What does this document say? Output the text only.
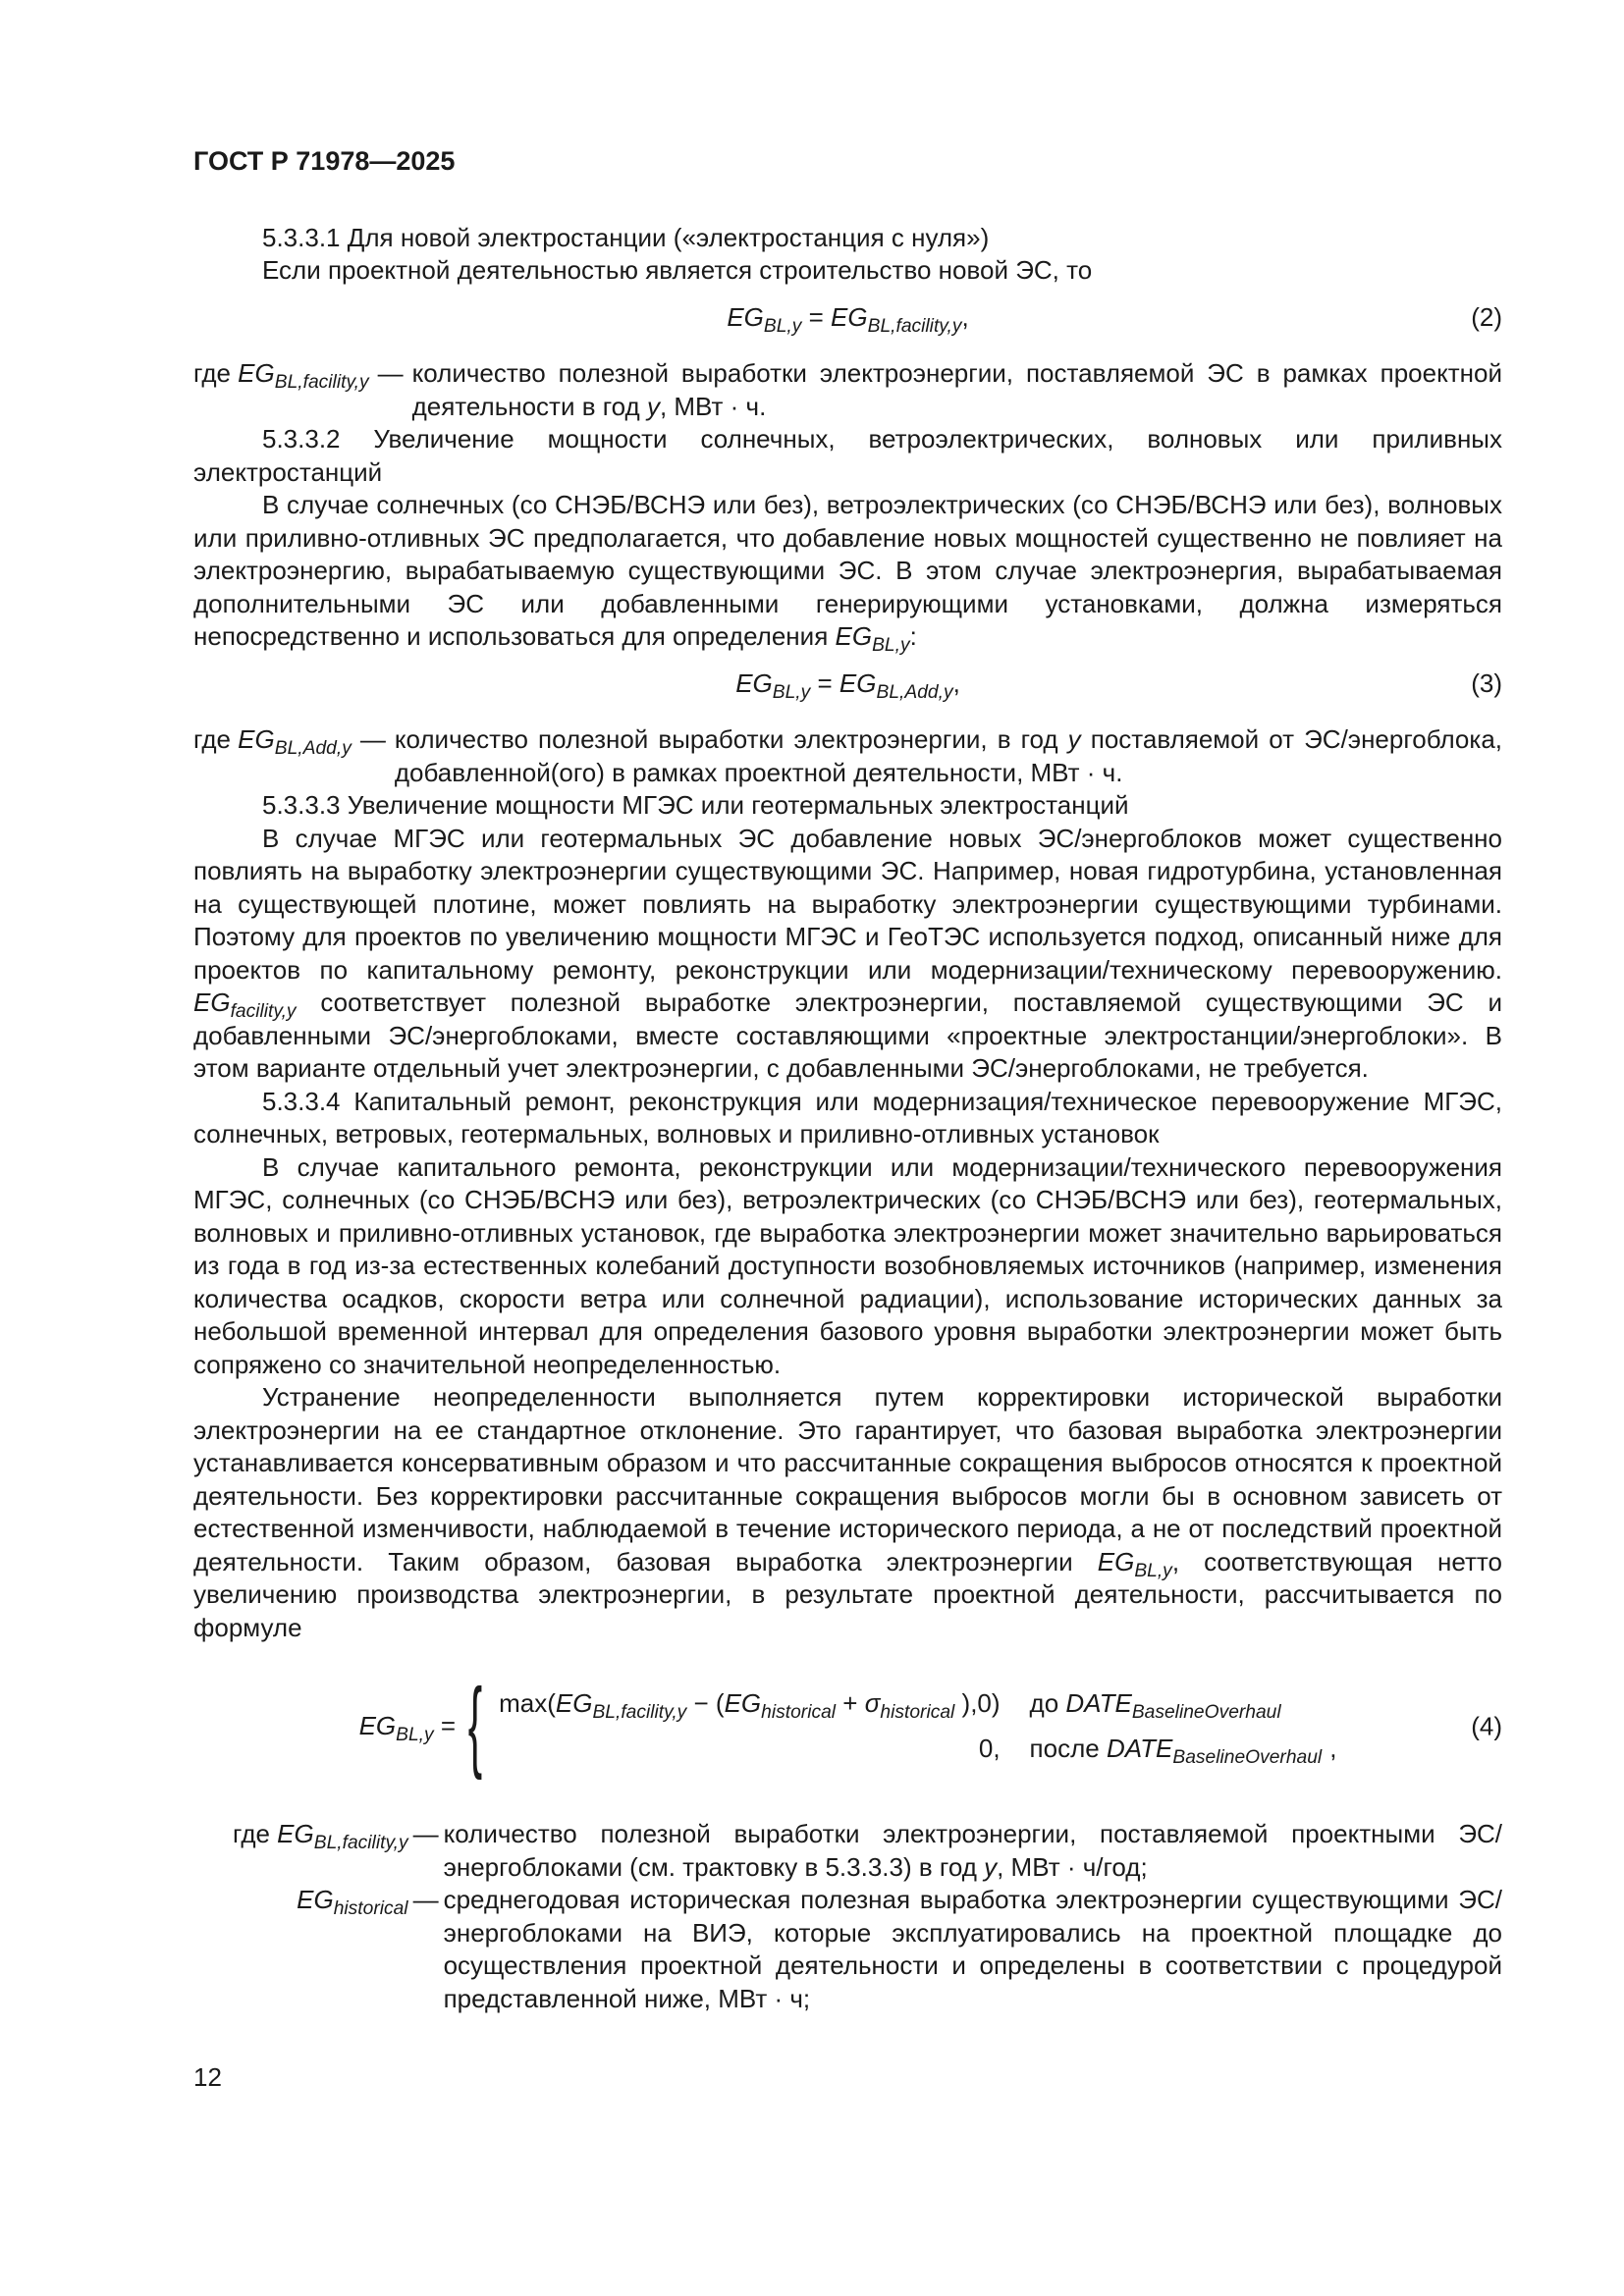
ГОСТ Р 71978—2025

5.3.3.1 Для новой электростанции («электростанция с нуля»)

Если проектной деятельностью является строительство новой ЭС, то

$EG_{BL,y} = EG_{BL,facility,y}$,	(2)
где $EG_{BL,facility,y}$ — количество полезной выработки электроэнергии, поставляемой ЭС в рамках проектной деятельности в год y, МВт · ч.

5.3.3.2 Увеличение мощности солнечных, ветроэлектрических, волновых или приливных электростанций

В случае солнечных (со СНЭБ/ВСНЭ или без), ветроэлектрических (со СНЭБ/ВСНЭ или без), волновых или приливно-отливных ЭС предполагается, что добавление новых мощностей существенно не повлияет на электроэнергию, вырабатываемую существующими ЭС. В этом случае электроэнергия, вырабатываемая дополнительными ЭС или добавленными генерирующими установками, должна измеряться непосредственно и использоваться для определения $EG_{BL,y}$:

$EG_{BL,y} = EG_{BL,Add,y}$,	(3)
где $EG_{BL,Add,y}$ — количество полезной выработки электроэнергии, в год y поставляемой от ЭС/энергоблока, добавленной(ого) в рамках проектной деятельности, МВт · ч.

5.3.3.3 Увеличение мощности МГЭС или геотермальных электростанций

В случае МГЭС или геотермальных ЭС добавление новых ЭС/энергоблоков может существенно повлиять на выработку электроэнергии существующими ЭС. Например, новая гидротурбина, установленная на существующей плотине, может повлиять на выработку электроэнергии существующими турбинами. Поэтому для проектов по увеличению мощности МГЭС и ГеоТЭС используется подход, описанный ниже для проектов по капитальному ремонту, реконструкции или модернизации/техническому перевооружению. $EG_{facility,y}$ соответствует полезной выработке электроэнергии, поставляемой существующими ЭС и добавленными ЭС/энергоблоками, вместе составляющими «проектные электростанции/энергоблоки». В этом варианте отдельный учет электроэнергии, с добавленными ЭС/энергоблоками, не требуется.

5.3.3.4 Капитальный ремонт, реконструкция или модернизация/техническое перевооружение МГЭС, солнечных, ветровых, геотермальных, волновых и приливно-отливных установок

В случае капитального ремонта, реконструкции или модернизации/технического перевооружения МГЭС, солнечных (со СНЭБ/ВСНЭ или без), ветроэлектрических (со СНЭБ/ВСНЭ или без), геотермальных, волновых и приливно-отливных установок, где выработка электроэнергии может значительно варьироваться из года в год из-за естественных колебаний доступности возобновляемых источников (например, изменения количества осадков, скорости ветра или солнечной радиации), использование исторических данных за небольшой временной интервал для определения базового уровня выработки электроэнергии может быть сопряжено со значительной неопределенностью.

Устранение неопределенности выполняется путем корректировки исторической выработки электроэнергии на ее стандартное отклонение. Это гарантирует, что базовая выработка электроэнергии устанавливается консервативным образом и что рассчитанные сокращения выбросов относятся к проектной деятельности. Без корректировки рассчитанные сокращения выбросов могли бы в основном зависеть от естественной изменчивости, наблюдаемой в течение исторического периода, а не от последствий проектной деятельности. Таким образом, базовая выработка электроэнергии $EG_{BL,y}$, соответствующая нетто увеличению производства электроэнергии, в результате проектной деятельности, рассчитывается по формуле

$EG_{BL,y}$ = { $\max(EG_{BL,facility,y} - (EG_{historical} + \sigma_{historical}$ ),0) до $DATE_{BaselineOverhaul}$
0, после $DATE_{BaselineOverhaul}$ ,
(4)
где $EG_{BL,facility,y}$ — количество полезной выработки электроэнергии, поставляемой проектными ЭС/энергоблоками (см. трактовку в 5.3.3.3) в год y, МВт · ч/год;
$EG_{historical}$ — среднегодовая историческая полезная выработка электроэнергии существующими ЭС/энергоблоками на ВИЭ, которые эксплуатировались на проектной площадке до осуществления проектной деятельности и определены в соответствии с процедурой представленной ниже, МВт · ч;
12
